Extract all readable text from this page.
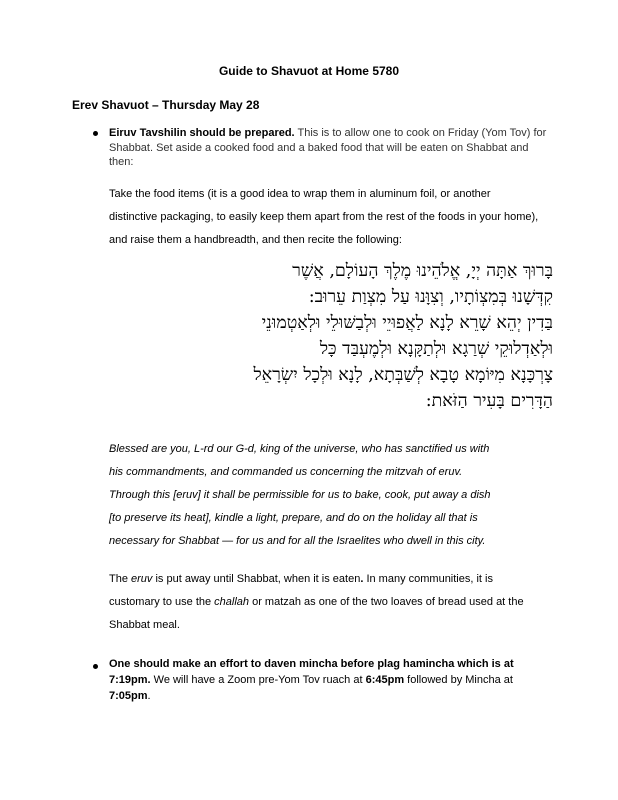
Guide to Shavuot at Home 5780
Erev Shavuot – Thursday May 28
Eiruv Tavshilin should be prepared. This is to allow one to cook on Friday (Yom Tov) for Shabbat. Set aside a cooked food and a baked food that will be eaten on Shabbat and then:
Take the food items (it is a good idea to wrap them in aluminum foil, or another
distinctive packaging, to easily keep them apart from the rest of the foods in your home),
and raise them a handbreadth, and then recite the following:
בָּרוּךְ אַתָּה יְיָ, אֱלֹהֵינוּ מֶלֶךְ הָעוֹלָם, אֲשֶׁר
קִדְּשָׁנוּ בְּמִצְוֹתָיו, וְצִוָּנוּ עַל מִצְוַת עֵרוּב:
בַּדִין יְהֵא שָׁרֵא לָנָא לַאֲפוּיֵי וּלְבַשּׁוּלֵי וּלְאַטְמוּנֵי
וּלְאַדְלוּקֵי שְׁרַגָא וּלְתַקָּנָא וּלְמֶעְבַּד כָּל
צָרְכָּנָא מִיּוֹמָא טָבָא לְשַׁבְּתָא, לָנָא וּלְכָל יִשְׂרָאֵל
הַדָּרִים בָּעִיר הַזֹּאת:
Blessed are you, L-rd our G-d, king of the universe, who has sanctified us with
his commandments, and commanded us concerning the mitzvah of eruv.
Through this [eruv] it shall be permissible for us to bake, cook, put away a dish
[to preserve its heat], kindle a light, prepare, and do on the holiday all that is
necessary for Shabbat — for us and for all the Israelites who dwell in this city.
The eruv is put away until Shabbat, when it is eaten. In many communities, it is
customary to use the challah or matzah as one of the two loaves of bread used at the
Shabbat meal.
One should make an effort to daven mincha before plag hamincha which is at 7:19pm. We will have a Zoom pre-Yom Tov ruach at 6:45pm followed by Mincha at 7:05pm.
